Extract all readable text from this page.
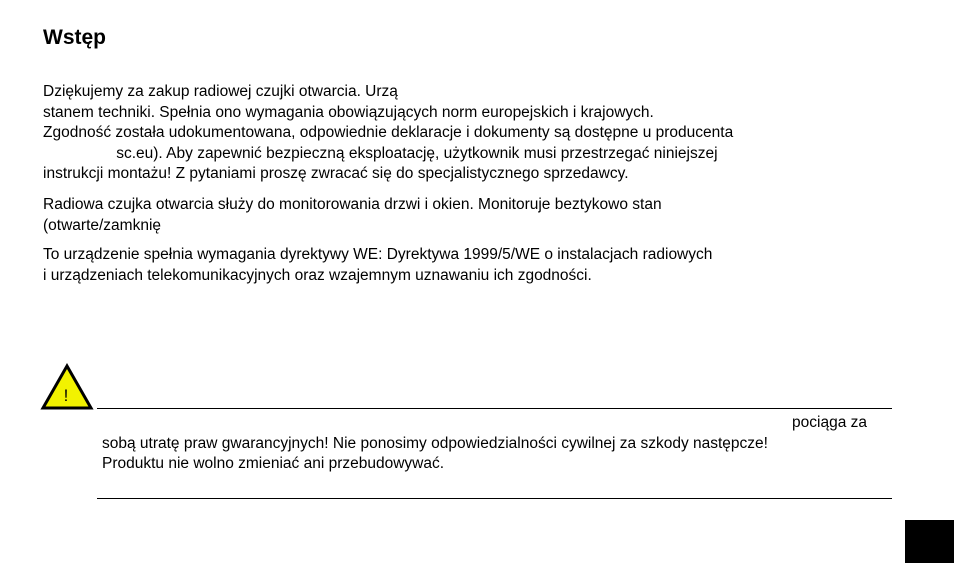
Wstęp
Dziękujemy za zakup radiowej czujki otwarcia. Urzą
stanem techniki. Spełnia ono wymagania obowiązujących norm europejskich i krajowych.
Zgodność została udokumentowana, odpowiednie deklaracje i dokumenty są dostępne u producenta
sc.eu). Aby zapewnić bezpieczną eksploatację, użytkownik musi przestrzegać niniejszej
instrukcji montażu! Z pytaniami proszę zwracać się do specjalistycznego sprzedawcy.
Radiowa czujka otwarcia służy do monitorowania drzwi i okien. Monitoruje beztykowo stan
(otwarte/zamknię
To urządzenie spełnia wymagania dyrektywy WE: Dyrektywa 1999/5/WE o instalacjach radiowych
i urządzeniach telekomunikacyjnych oraz wzajemnym uznawaniu ich zgodności.
!
pociąga za
sobą utratę praw gwarancyjnych! Nie ponosimy odpowiedzialności cywilnej za szkody następcze!
Produktu nie wolno zmieniać ani przebudowywać.
